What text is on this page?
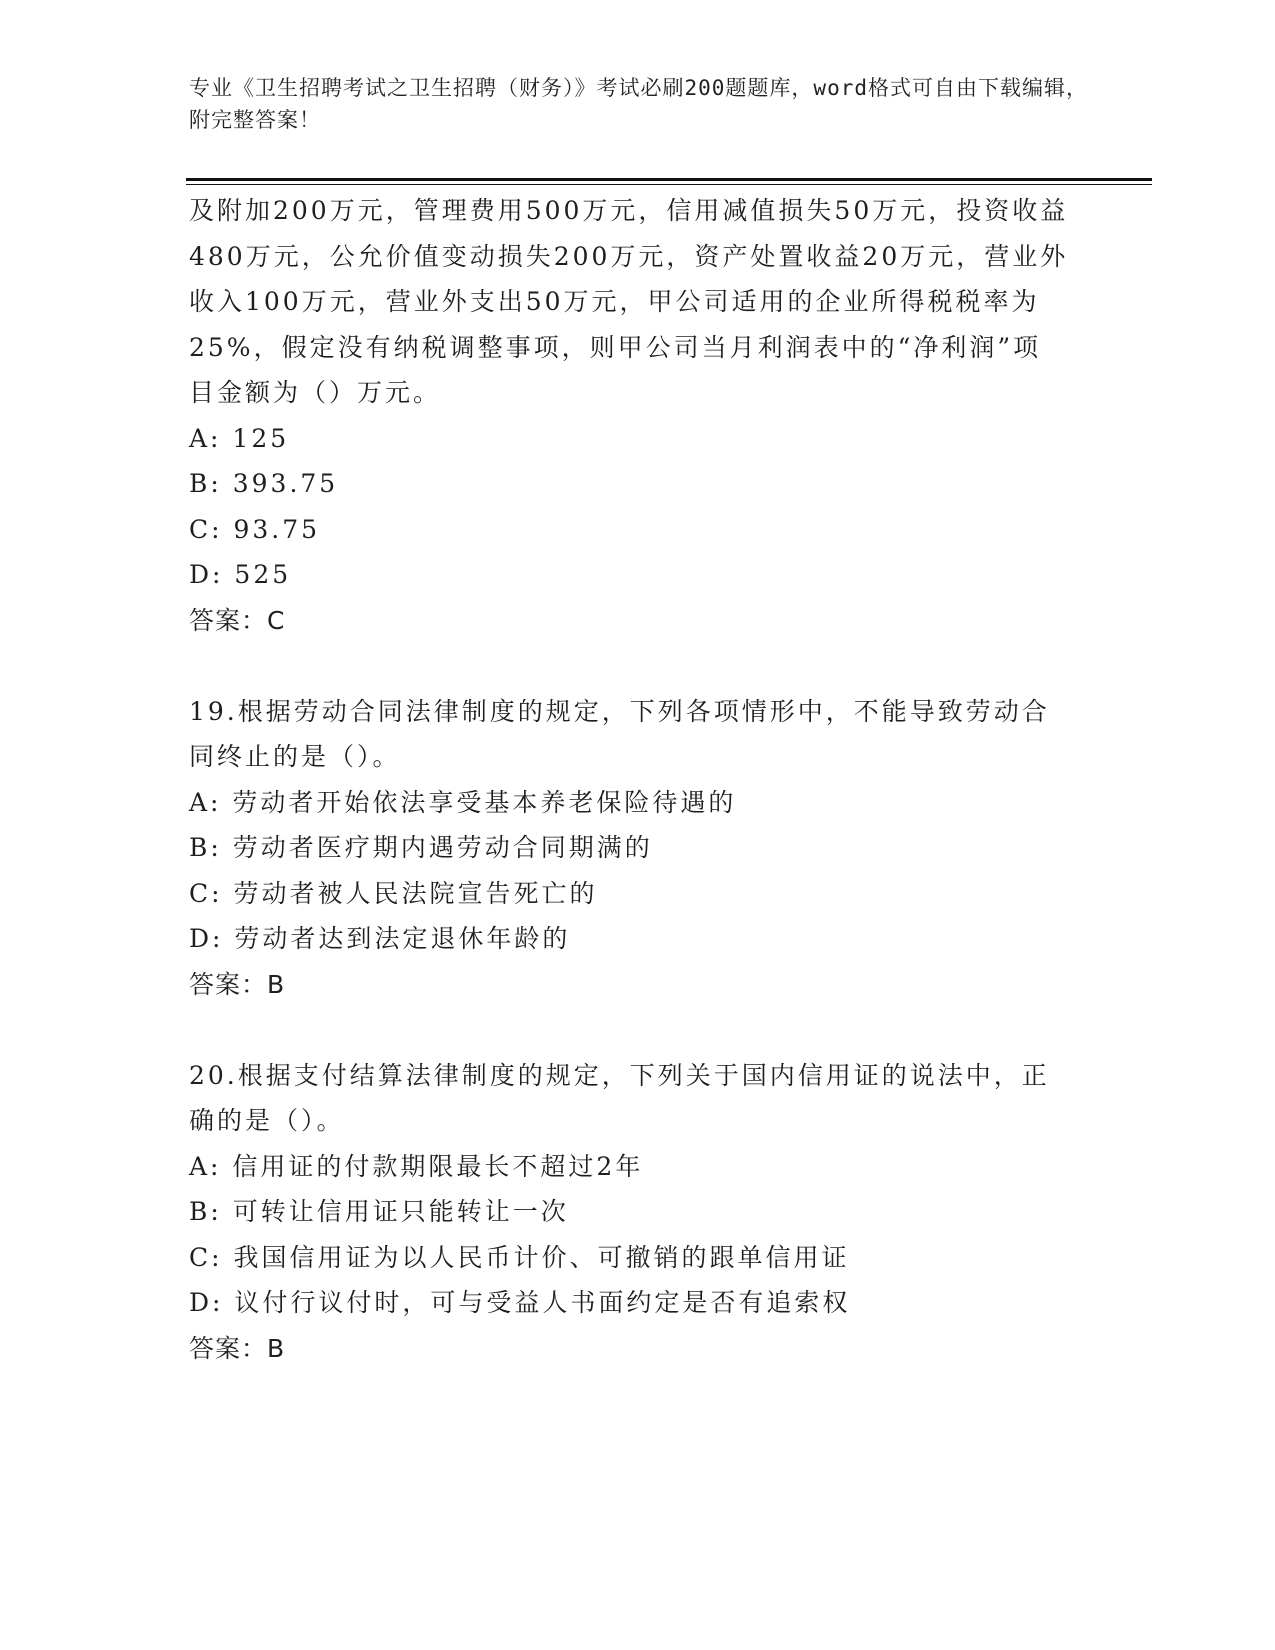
专业《卫生招聘考试之卫生招聘（财务）》考试必刷200题题库，word格式可自由下载编辑，附完整答案！

及附加200万元，管理费用500万元，信用减值损失50万元，投资收益480万元，公允价值变动损失200万元，资产处置收益20万元，营业外收入100万元，营业外支出50万元，甲公司适用的企业所得税税率为25%，假定没有纳税调整事项，则甲公司当月利润表中的“净利润”项目金额为（）万元。

A: 125
B: 393.75
C: 93.75
D: 525
答案：C

19.根据劳动合同法律制度的规定，下列各项情形中，不能导致劳动合同终止的是（）。

A: 劳动者开始依法享受基本养老保险待遇的
B: 劳动者医疗期内遇劳动合同期满的
C: 劳动者被人民法院宣告死亡的
D: 劳动者达到法定退休年龄的
答案：B

20.根据支付结算法律制度的规定，下列关于国内信用证的说法中，正确的是（）。

A: 信用证的付款期限最长不超过2年
B: 可转让信用证只能转让一次
C: 我国信用证为以人民币计价、可撤销的跟单信用证
D: 议付行议付时，可与受益人书面约定是否有追索权
答案：B
